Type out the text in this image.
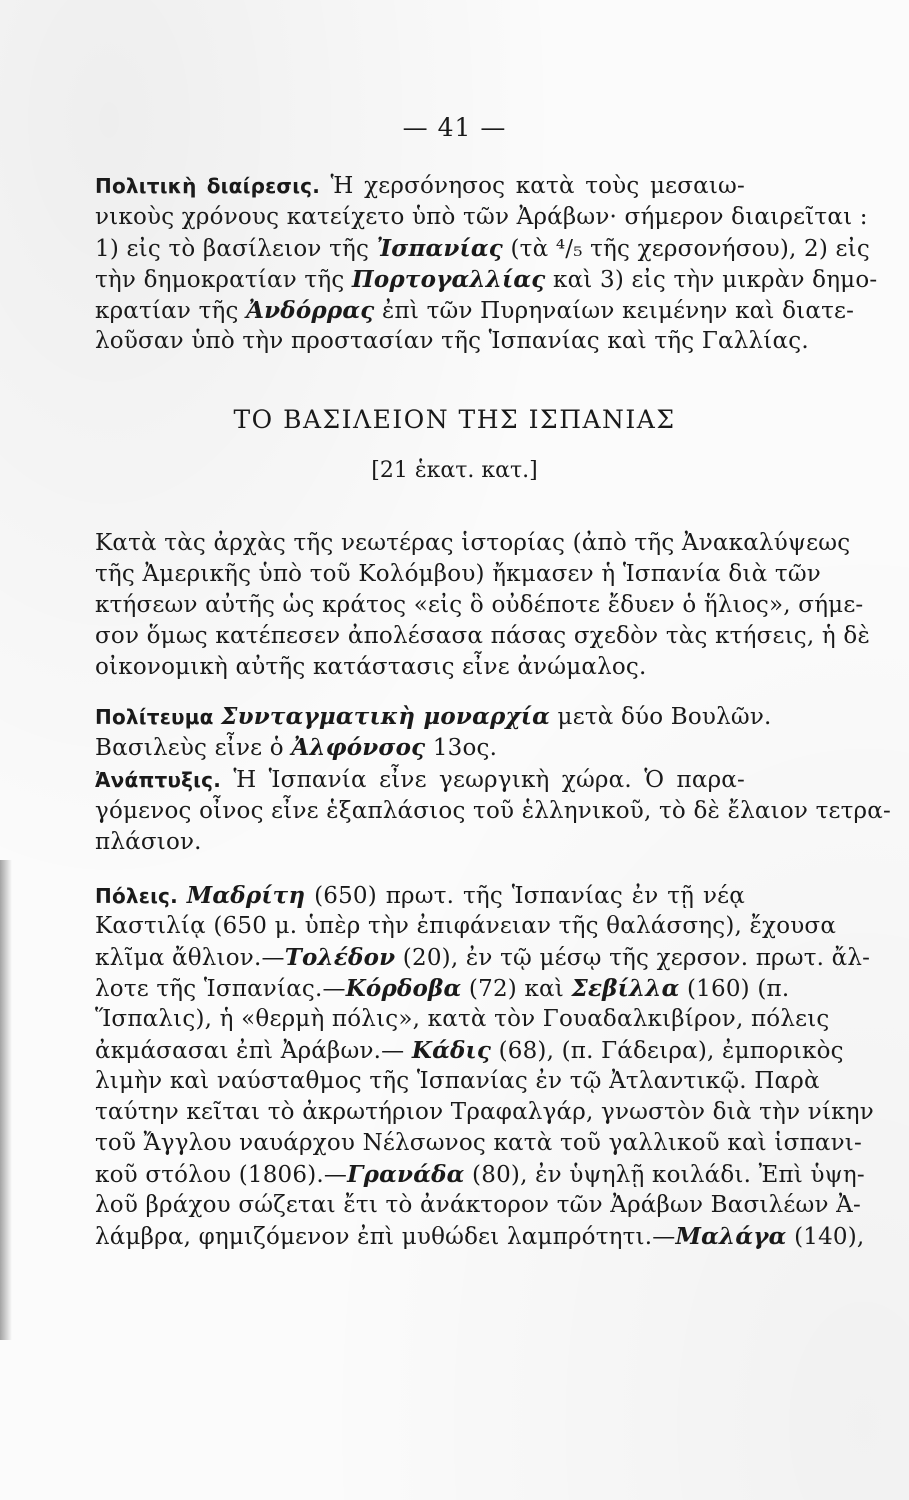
— 41 —
Πολιτικὴ διαίρεσις. Ἡ χερσόνησος κατὰ τοὺς μεσαιω-
νικοὺς χρόνους κατείχετο ὑπὸ τῶν Ἀράβων· σήμερον διαιρεῖται :
1) εἰς τὸ βασίλειον τῆς Ἰσπανίας (τὰ ⁴/₅ τῆς χερσονήσου), 2) εἰς
τὴν δημοκρατίαν τῆς Πορτογαλλίας καὶ 3) εἰς τὴν μικρὰν δημο-
κρατίαν τῆς Ἀνδόρρας ἐπὶ τῶν Πυρηναίων κειμένην καὶ διατε-
λοῦσαν ὑπὸ τὴν προστασίαν τῆς Ἱσπανίας καὶ τῆς Γαλλίας.
ΤΟ ΒΑΣΙΛΕΙΟΝ ΤΗΣ ΙΣΠΑΝΙΑΣ
[21 ἑκατ. κατ.]
Κατὰ τὰς ἀρχὰς τῆς νεωτέρας ἱστορίας (ἀπὸ τῆς Ἀνακαλύψεως
τῆς Ἀμερικῆς ὑπὸ τοῦ Κολόμβου) ἤκμασεν ἡ Ἱσπανία διὰ τῶν
κτήσεων αὐτῆς ὡς κράτος «εἰς ὃ οὐδέποτε ἔδυεν ὁ ἥλιος», σήμε-
σον ὅμως κατέπεσεν ἀπολέσασα πάσας σχεδὸν τὰς κτήσεις, ἡ δὲ
οἰκονομικὴ αὐτῆς κατάστασις εἶνε ἀνώμαλος.
Πολίτευμα Συνταγματικὴ μοναρχία μετὰ δύο Βουλῶν.
Βασιλεὺς εἶνε ὁ Ἀλφόνσος 13ος.
Ἀνάπτυξις. Ἡ Ἱσπανία εἶνε γεωργικὴ χώρα. Ὁ παρα-
γόμενος οἶνος εἶνε ἑξαπλάσιος τοῦ ἑλληνικοῦ, τὸ δὲ ἔλαιον τετρα-
πλάσιον.
Πόλεις. Μαδρίτη (650) πρωτ. τῆς Ἱσπανίας ἐν τῇ νέᾳ
Καστιλίᾳ (650 μ. ὑπὲρ τὴν ἐπιφάνειαν τῆς θαλάσσης), ἔχουσα
κλῖμα ἄθλιον.—Τολέδον (20), ἐν τῷ μέσῳ τῆς χερσον. πρωτ. ἄλ-
λοτε τῆς Ἱσπανίας.—Κόρδοβα (72) καὶ Σεβίλλα (160) (π.
Ἵσπαλις), ἡ «θερμὴ πόλις», κατὰ τὸν Γουαδαλκιβίρον, πόλεις
ἀκμάσασαι ἐπὶ Ἀράβων.— Κάδις (68), (π. Γάδειρα), ἐμπορικὸς
λιμὴν καὶ ναύσταθμος τῆς Ἱσπανίας ἐν τῷ Ἀτλαντικῷ. Παρὰ
ταύτην κεῖται τὸ ἀκρωτήριον Τραφαλγάρ, γνωστὸν διὰ τὴν νίκην
τοῦ Ἄγγλου ναυάρχου Νέλσωνος κατὰ τοῦ γαλλικοῦ καὶ ἱσπανι-
κοῦ στόλου (1806).—Γρανάδα (80), ἐν ὑψηλῇ κοιλάδι. Ἐπὶ ὑψη-
λοῦ βράχου σώζεται ἔτι τὸ ἀνάκτορον τῶν Ἀράβων Βασιλέων Ἀ-
λάμβρα, φημιζόμενον ἐπὶ μυθώδει λαμπρότητι.—Μαλάγα (140),
